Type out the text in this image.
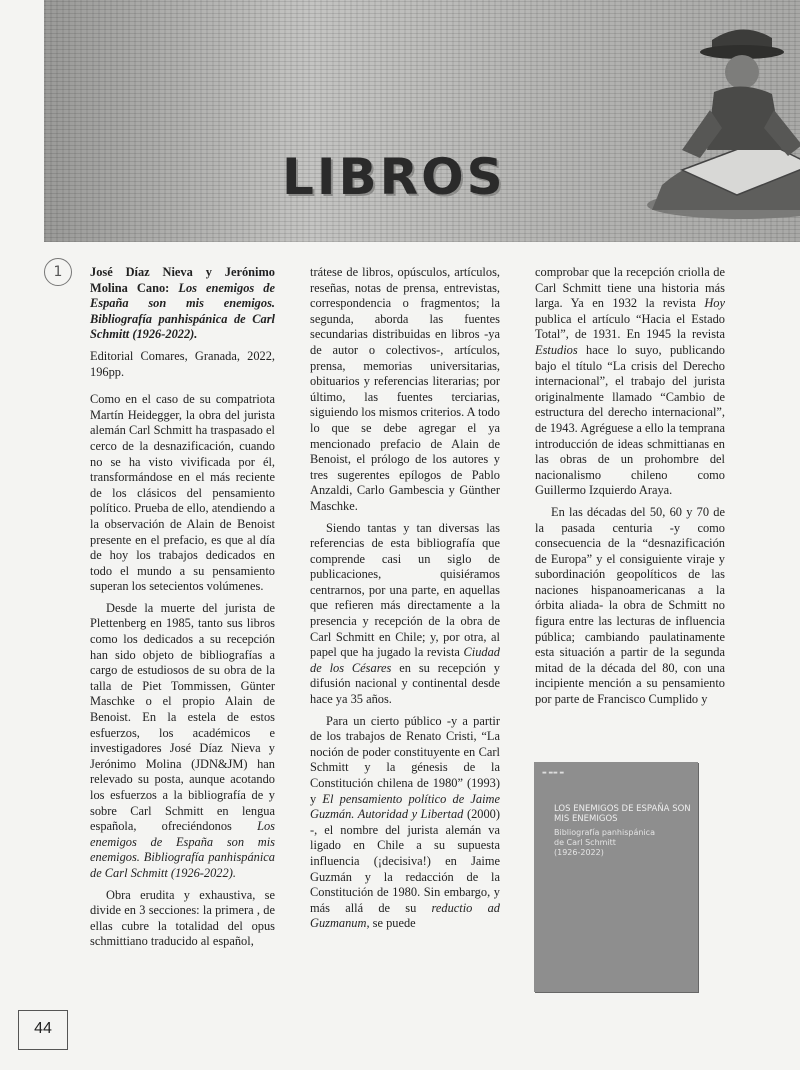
LIBROS
1	José Díaz Nieva y Jerónimo Molina Cano: Los enemigos de España son mis enemigos. Bibliografía panhispánica de Carl Schmitt (1926-2022).

Editorial Comares, Granada, 2022, 196pp.

Como en el caso de su compatriota Martín Heidegger, la obra del jurista alemán Carl Schmitt ha traspasado el cerco de la desnazificación, cuando no se ha visto vivificada por él, transformándose en el más reciente de los clásicos del pensamiento político. Prueba de ello, atendiendo a la observación de Alain de Benoist presente en el prefacio, es que al día de hoy los trabajos dedicados en todo el mundo a su pensamiento superan los setecientos volúmenes.

Desde la muerte del jurista de Plettenberg en 1985, tanto sus libros como los dedicados a su recepción han sido objeto de bibliografías a cargo de estudiosos de su obra de la talla de Piet Tommissen, Günter Maschke o el propio Alain de Benoist. En la estela de estos esfuerzos, los académicos e investigadores José Díaz Nieva y Jerónimo Molina (JDN&JM) han relevado su posta, aunque acotando los esfuerzos a la bibliografía de y sobre Carl Schmitt en lengua española, ofreciéndonos Los enemigos de España son mis enemigos. Bibliografía panhispánica de Carl Schmitt (1926-2022).

Obra erudita y exhaustiva, se divide en 3 secciones: la primera , de ellas cubre la totalidad del opus schmittiano traducido al español,

trátese de libros, opúsculos, artículos, reseñas, notas de prensa, entrevistas, correspondencia o fragmentos; la segunda, aborda las fuentes secundarias distribuidas en libros -ya de autor o colectivos-, artículos, prensa, memorias universitarias, obituarios y referencias literarias; por último, las fuentes terciarias, siguiendo los mismos criterios. A todo lo que se debe agregar el ya mencionado prefacio de Alain de Benoist, el prólogo de los autores y tres sugerentes epílogos de Pablo Anzaldi, Carlo Gambescia y Günther Maschke.

Siendo tantas y tan diversas las referencias de esta bibliografía que comprende casi un siglo de publicaciones, quisiéramos centrarnos, por una parte, en aquellas que refieren más directamente a la presencia y recepción de la obra de Carl Schmitt en Chile; y, por otra, al papel que ha jugado la revista Ciudad de los Césares en su recepción y difusión nacional y continental desde hace ya 35 años.

Para un cierto público -y a partir de los trabajos de Renato Cristi, “La noción de poder constituyente en Carl Schmitt y la génesis de la Constitución chilena de 1980” (1993) y El pensamiento político de Jaime Guzmán. Autoridad y Libertad (2000) -, el nombre del jurista alemán va ligado en Chile a su supuesta influencia (¡decisiva!) en Jaime Guzmán y la redacción de la Constitución de 1980. Sin embargo, y más allá de su reductio ad Guzmanum, se puede

comprobar que la recepción criolla de Carl Schmitt tiene una historia más larga. Ya en 1932 la revista Hoy publica el artículo “Hacia el Estado Total”, de 1931. En 1945 la revista Estudios hace lo suyo, publicando bajo el título “La crisis del Derecho internacional”, el trabajo del jurista originalmente llamado “Cambio de estructura del derecho internacional”, de 1943. Agréguese a ello la temprana introducción de ideas schmittianas en las obras de un prohombre del nacionalismo chileno como Guillermo Izquierdo Araya.

En las décadas del 50, 60 y 70 de la pasada centuria -y como consecuencia de la “desnazificación de Europa” y el consiguiente viraje y subordinación geopolíticos de las naciones hispanoamericanas a la órbita aliada- la obra de Schmitt no figura entre las lecturas de influencia pública; cambiando paulatinamente esta situación a partir de la segunda mitad de la década del 80, con una incipiente mención a su pensamiento por parte de Francisco Cumplido y

▬ ▬▬ ▬
LOS ENEMIGOS DE ESPAÑA SON MIS ENEMIGOS
Bibliografía panhispánica
de Carl Schmitt
(1926-2022)
44
